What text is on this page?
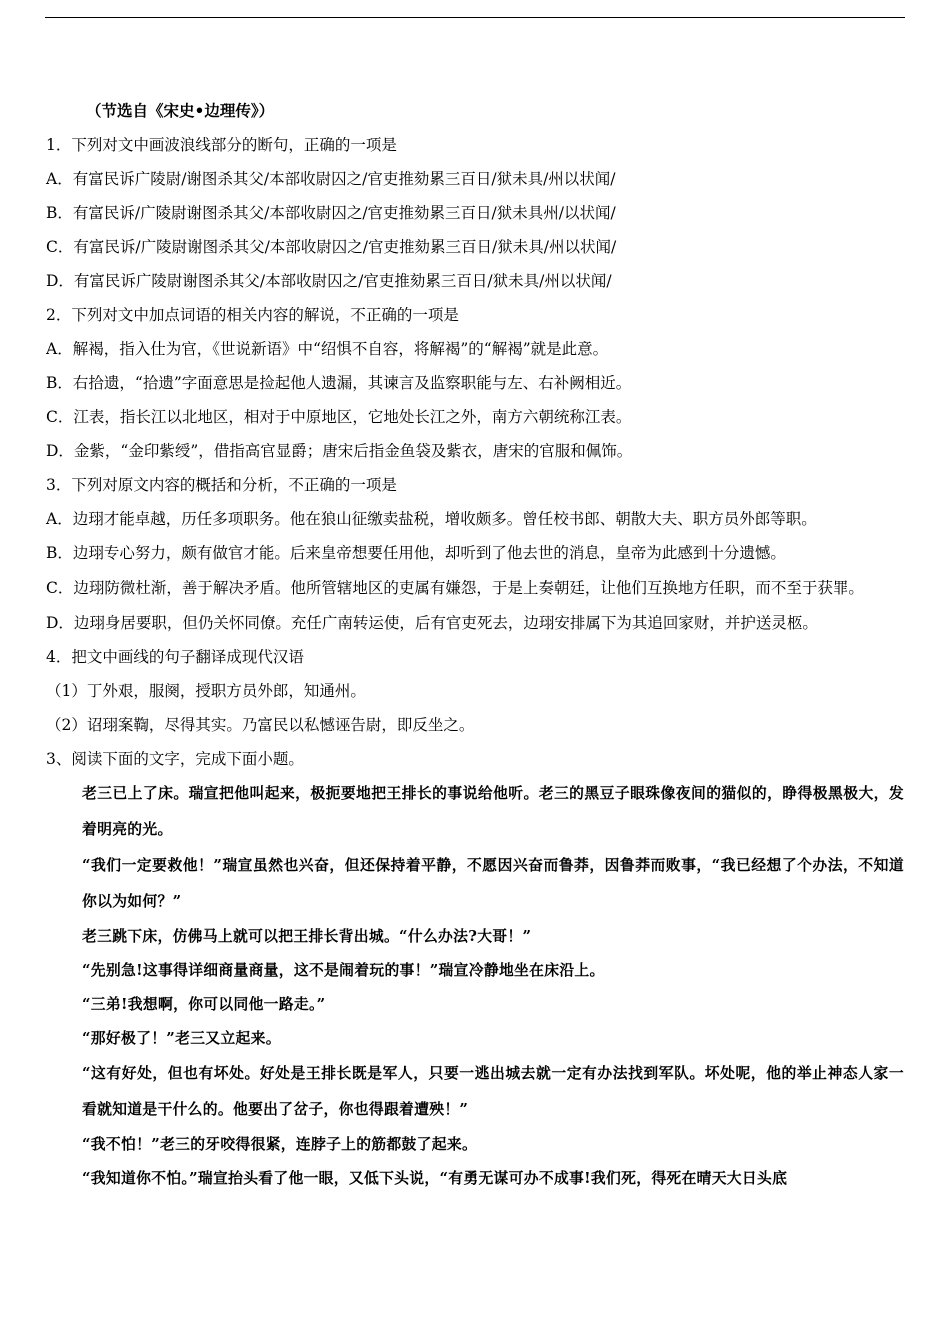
（节选自《宋史•边理传》）
1．下列对文中画波浪线部分的断句，正确的一项是
A．有富民诉广陵尉/谢图杀其父/本部收尉囚之/官吏推劾累三百日/狱未具/州以状闻/
B．有富民诉/广陵尉谢图杀其父/本部收尉囚之/官吏推劾累三百日/狱未具州/以状闻/
C．有富民诉/广陵尉谢图杀其父/本部收尉囚之/官吏推劾累三百日/狱未具/州以状闻/
D．有富民诉广陵尉谢图杀其父/本部收尉囚之/官吏推劾累三百日/狱未具/州以状闻/
2．下列对文中加点词语的相关内容的解说，不正确的一项是
A．解褐，指入仕为官，《世说新语》中“绍惧不自容，将解褐”的“解褐”就是此意。
B．右拾遗，“拾遗”字面意思是捡起他人遗漏，其谏言及监察职能与左、右补阙相近。
C．江表，指长江以北地区，相对于中原地区，它地处长江之外，南方六朝统称江表。
D．金紫，“金印紫绶”，借指高官显爵；唐宋后指金鱼袋及紫衣，唐宋的官服和佩饰。
3．下列对原文内容的概括和分析，不正确的一项是
A．边珝才能卓越，历任多项职务。他在狼山征缴卖盐税，增收颇多。曾任校书郎、朝散大夫、职方员外郎等职。
B．边珝专心努力，颇有做官才能。后来皇帝想要任用他，却听到了他去世的消息，皇帝为此感到十分遗憾。
C．边珝防微杜渐，善于解决矛盾。他所管辖地区的吏属有嫌怨，于是上奏朝廷，让他们互换地方任职，而不至于获罪。
D．边珝身居要职，但仍关怀同僚。充任广南转运使，后有官吏死去，边珝安排属下为其追回家财，并护送灵柩。
4．把文中画线的句子翻译成现代汉语
（1）丁外艰，服阕，授职方员外郎，知通州。
（2）诏珝案鞫，尽得其实。乃富民以私憾诬告尉，即反坐之。
3、阅读下面的文字，完成下面小题。
老三已上了床。瑞宣把他叫起来，极扼要地把王排长的事说给他听。老三的黑豆子眼珠像夜间的猫似的，睁得极黑极大，发着明亮的光。
“我们一定要救他！”瑞宣虽然也兴奋，但还保持着平静，不愿因兴奋而鲁莽，因鲁莽而败事，“我已经想了个办法，不知道你以为如何？”
老三跳下床，仿佛马上就可以把王排长背出城。“什么办法?大哥！”
“先别急!这事得详细商量商量，这不是闹着玩的事！”瑞宣冷静地坐在床沿上。
“三弟!我想啊，你可以同他一路走。”
“那好极了！”老三又立起来。
“这有好处，但也有坏处。好处是王排长既是军人，只要一逃出城去就一定有办法找到军队。坏处呢，他的举止神态人家一看就知道是干什么的。他要出了岔子，你也得跟着遭殃！”
“我不怕！”老三的牙咬得很紧，连脖子上的筋都鼓了起来。
“我知道你不怕。”瑞宣抬头看了他一眼，又低下头说，“有勇无谋可办不成事!我们死，得死在晴天大日头底
